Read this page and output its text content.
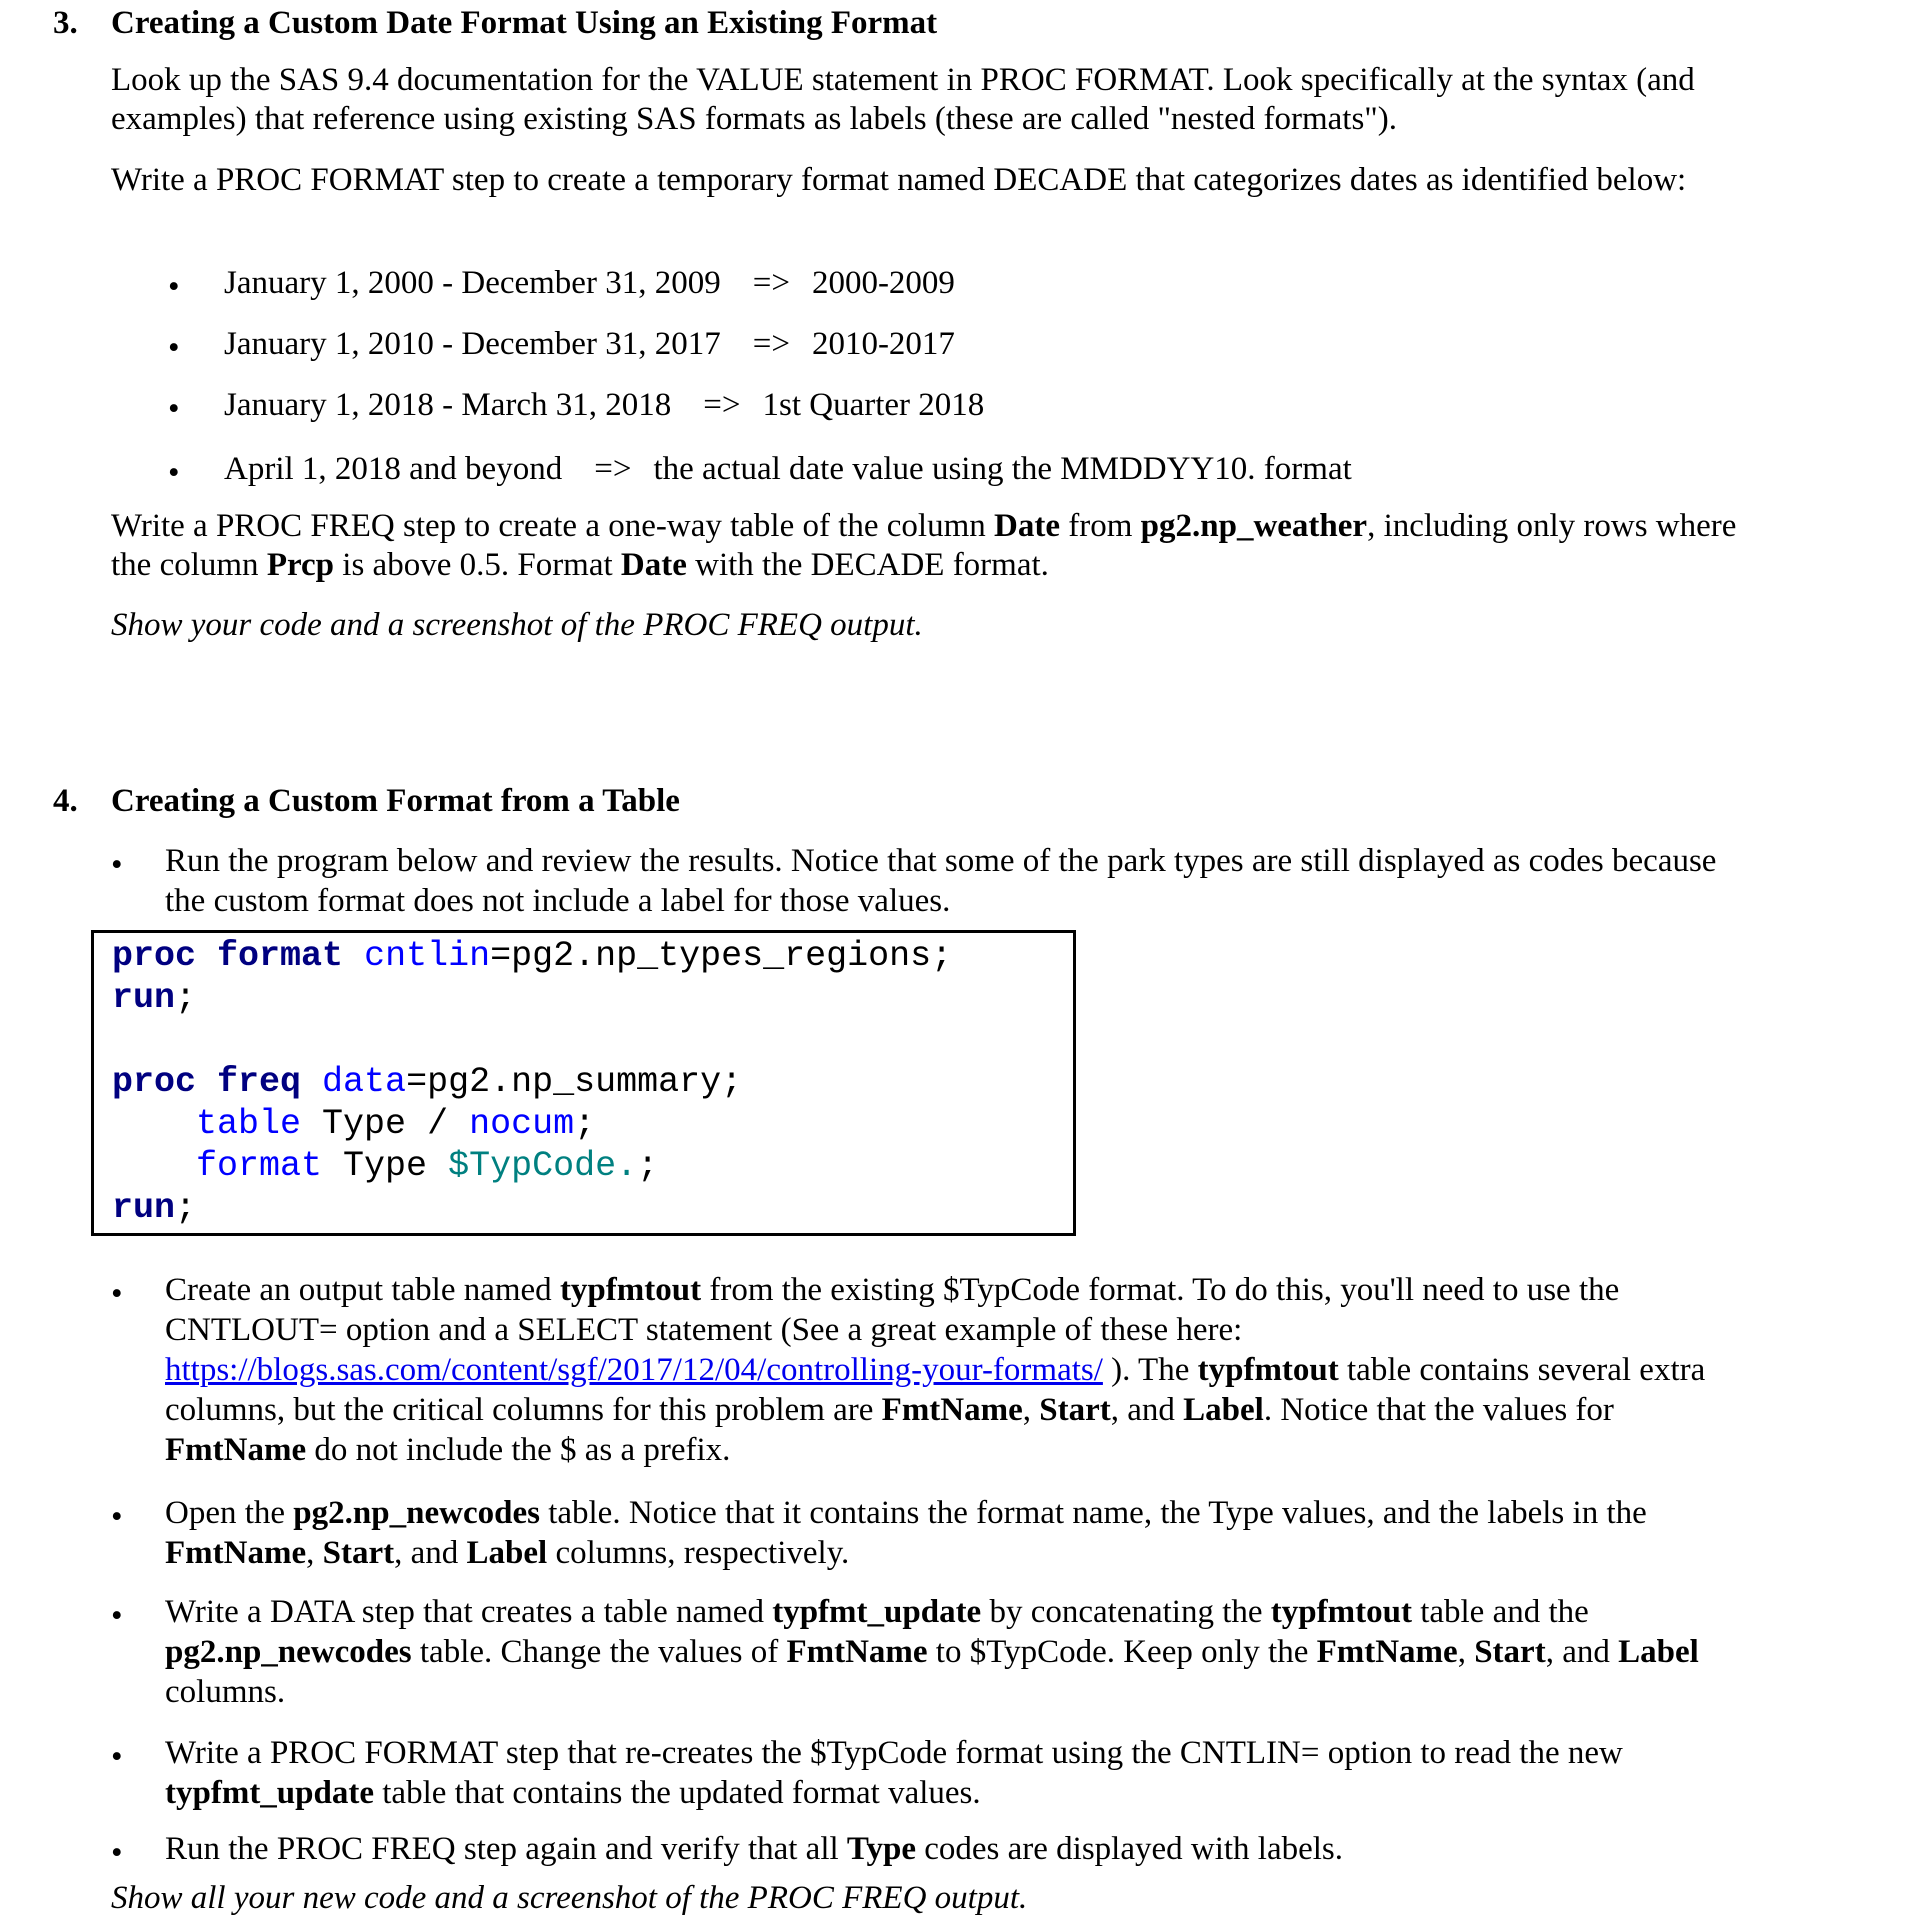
3. Creating a Custom Date Format Using an Existing Format

Look up the SAS 9.4 documentation for the VALUE statement in PROC FORMAT. Look specifically at the syntax (and examples) that reference using existing SAS formats as labels (these are called "nested formats").

Write a PROC FORMAT step to create a temporary format named DECADE that categorizes dates as identified below:

• January 1, 2000 - December 31, 2009 => 2000-2009
• January 1, 2010 - December 31, 2017 => 2010-2017
• January 1, 2018 - March 31, 2018 => 1st Quarter 2018
• April 1, 2018 and beyond => the actual date value using the MMDDYY10. format

Write a PROC FREQ step to create a one-way table of the column Date from pg2.np_weather, including only rows where the column Prcp is above 0.5. Format Date with the DECADE format.

Show your code and a screenshot of the PROC FREQ output.

4. Creating a Custom Format from a Table
• Run the program below and review the results. Notice that some of the park types are still displayed as codes because the custom format does not include a label for those values.

proc format cntlin=pg2.np_types_regions;
run;

proc freq data=pg2.np_summary;
table Type / nocum;
format Type $TypCode.;
run;
• Create an output table named typfmtout from the existing $TypCode format. To do this, you'll need to use the CNTLOUT= option and a SELECT statement (See a great example of these here: https://blogs.sas.com/content/sgf/2017/12/04/controlling-your-formats/ ). The typfmtout table contains several extra columns, but the critical columns for this problem are FmtName, Start, and Label. Notice that the values for FmtName do not include the $ as a prefix.

• Open the pg2.np_newcodes table. Notice that it contains the format name, the Type values, and the labels in the FmtName, Start, and Label columns, respectively.

• Write a DATA step that creates a table named typfmt_update by concatenating the typfmtout table and the pg2.np_newcodes table. Change the values of FmtName to $TypCode. Keep only the FmtName, Start, and Label columns.

• Write a PROC FORMAT step that re-creates the $TypCode format using the CNTLIN= option to read the new typfmt_update table that contains the updated format values.

• Run the PROC FREQ step again and verify that all Type codes are displayed with labels.

Show all your new code and a screenshot of the PROC FREQ output.
